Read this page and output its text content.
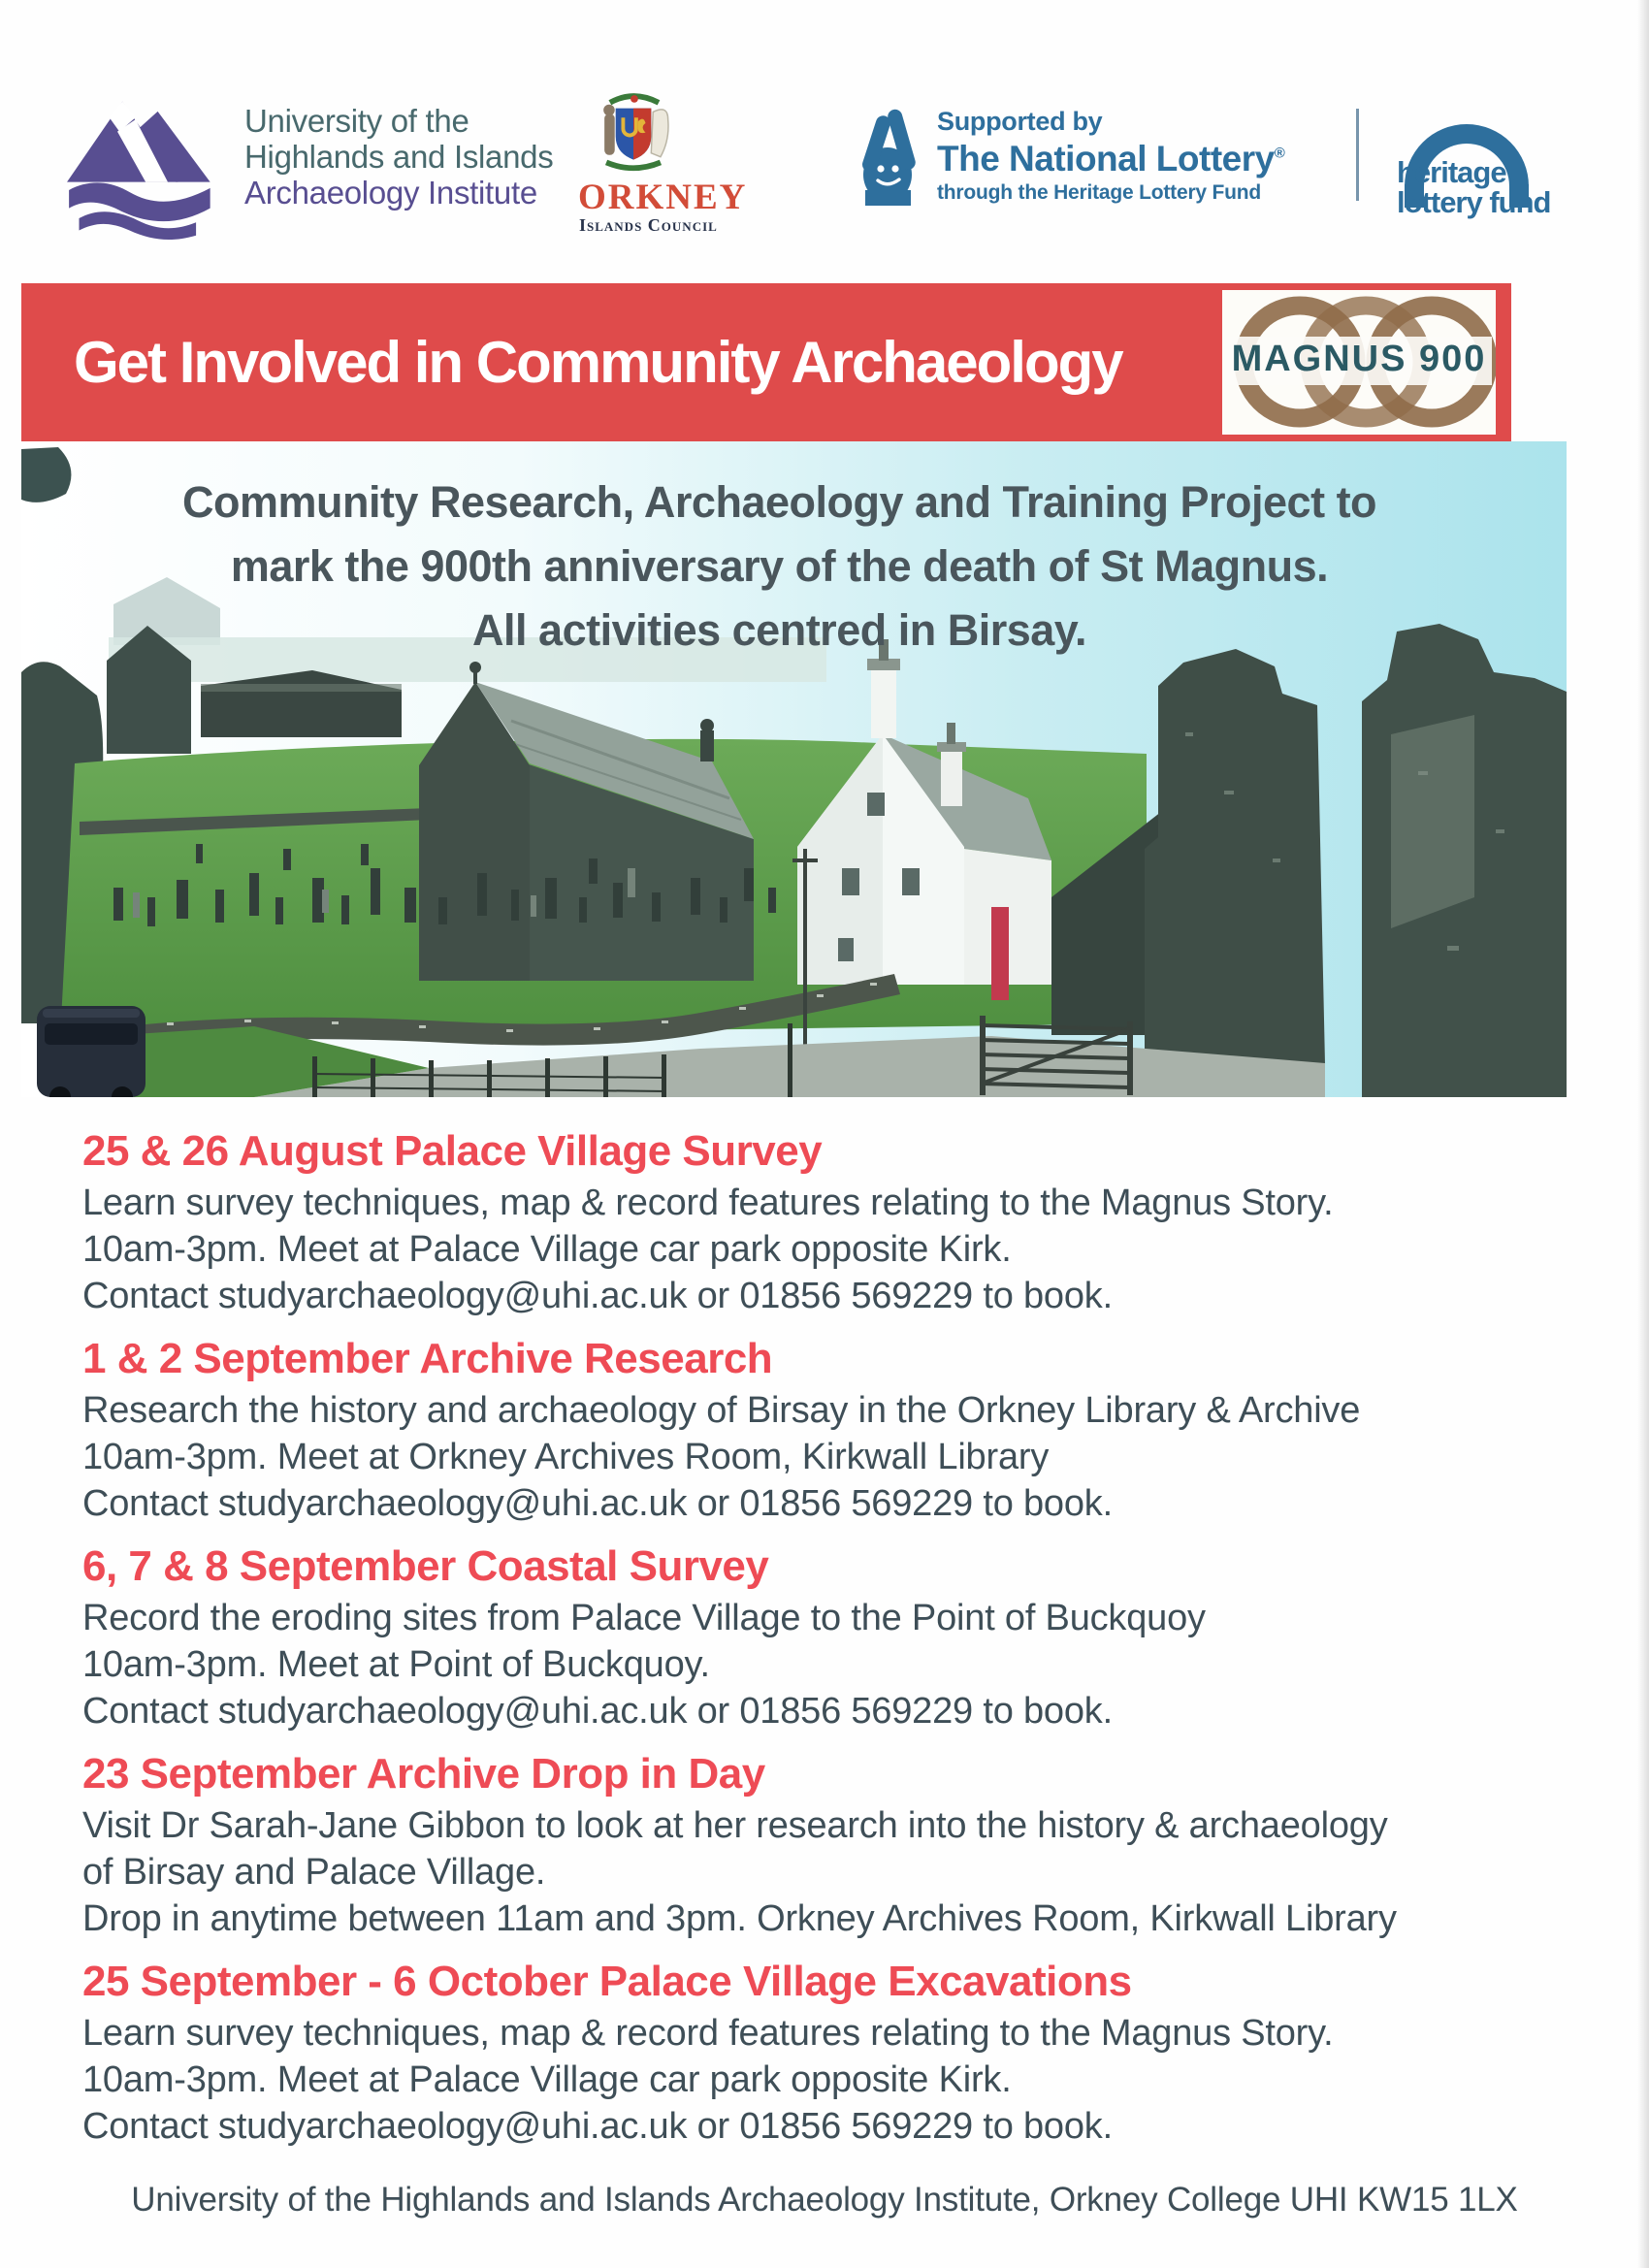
University of the
Highlands and Islands
Archaeology Institute	ORKNEY
Islands Council
Supported by
The National Lottery®
through the Heritage Lottery Fund
heritage
lottery fund
Get Involved in Community Archaeology	MAGNUS 900
Community Research, Archaeology and Training Project to
mark the 900th anniversary of the death of St Magnus.
All activities centred in Birsay.
25 & 26 August Palace Village Survey

Learn survey techniques, map & record features relating to the Magnus Story.

10am-3pm. Meet at Palace Village car park opposite Kirk.

Contact studyarchaeology@uhi.ac.uk or 01856 569229 to book.

1 & 2 September Archive Research

Research the history and archaeology of Birsay in the Orkney Library & Archive

10am-3pm. Meet at Orkney Archives Room, Kirkwall Library

Contact studyarchaeology@uhi.ac.uk or 01856 569229 to book.

6, 7 & 8 September Coastal Survey

Record the eroding sites from Palace Village to the Point of Buckquoy

10am-3pm. Meet at Point of Buckquoy.

Contact studyarchaeology@uhi.ac.uk or 01856 569229 to book.

23 September Archive Drop in Day

Visit Dr Sarah-Jane Gibbon to look at her research into the history & archaeology

of Birsay and Palace Village.

Drop in anytime between 11am and 3pm. Orkney Archives Room, Kirkwall Library

25 September - 6 October Palace Village Excavations

Learn survey techniques, map & record features relating to the Magnus Story.

10am-3pm. Meet at Palace Village car park opposite Kirk.

Contact studyarchaeology@uhi.ac.uk or 01856 569229 to book.

University of the Highlands and Islands Archaeology Institute, Orkney College UHI KW15 1LX
